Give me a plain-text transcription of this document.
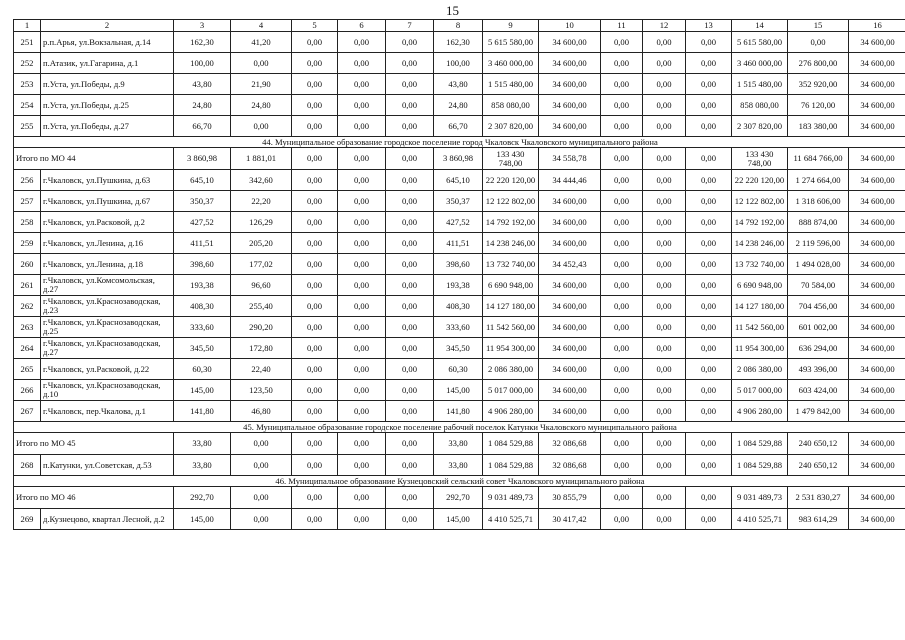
15
1	2	3	4	5	6	7	8	9	10	11	12	13	14	15	16
251	р.п.Арья, ул.Вокзальная, д.14	162,30	41,20	0,00	0,00	0,00	162,30	5 615 580,00	34 600,00	0,00	0,00	0,00	5 615 580,00	0,00	34 600,00
252	п.Атазик, ул.Гагарина, д.1	100,00	0,00	0,00	0,00	0,00	100,00	3 460 000,00	34 600,00	0,00	0,00	0,00	3 460 000,00	276 800,00	34 600,00
253	п.Уста, ул.Победы, д.9	43,80	21,90	0,00	0,00	0,00	43,80	1 515 480,00	34 600,00	0,00	0,00	0,00	1 515 480,00	352 920,00	34 600,00
254	п.Уста, ул.Победы, д.25	24,80	24,80	0,00	0,00	0,00	24,80	858 080,00	34 600,00	0,00	0,00	0,00	858 080,00	76 120,00	34 600,00
255	п.Уста, ул.Победы, д.27	66,70	0,00	0,00	0,00	0,00	66,70	2 307 820,00	34 600,00	0,00	0,00	0,00	2 307 820,00	183 380,00	34 600,00
44. Муниципальное образование городское поселение город Чкаловск Чкаловского муниципального района															
Итого по МО 44		3 860,98	1 881,01	0,00	0,00	0,00	3 860,98	133 430 748,00	34 558,78	0,00	0,00	0,00	133 430 748,00	11 684 766,00	34 600,00
256	г.Чкаловск, ул.Пушкина, д.63	645,10	342,60	0,00	0,00	0,00	645,10	22 220 120,00	34 444,46	0,00	0,00	0,00	22 220 120,00	1 274 664,00	34 600,00
257	г.Чкаловск, ул.Пушкина, д.67	350,37	22,20	0,00	0,00	0,00	350,37	12 122 802,00	34 600,00	0,00	0,00	0,00	12 122 802,00	1 318 606,00	34 600,00
258	г.Чкаловск, ул.Расковой, д.2	427,52	126,29	0,00	0,00	0,00	427,52	14 792 192,00	34 600,00	0,00	0,00	0,00	14 792 192,00	888 874,00	34 600,00
259	г.Чкаловск, ул.Ленина, д.16	411,51	205,20	0,00	0,00	0,00	411,51	14 238 246,00	34 600,00	0,00	0,00	0,00	14 238 246,00	2 119 596,00	34 600,00
260	г.Чкаловск, ул.Ленина, д.18	398,60	177,02	0,00	0,00	0,00	398,60	13 732 740,00	34 452,43	0,00	0,00	0,00	13 732 740,00	1 494 028,00	34 600,00
261	г.Чкаловск, ул.Комсомольская, д.27	193,38	96,60	0,00	0,00	0,00	193,38	6 690 948,00	34 600,00	0,00	0,00	0,00	6 690 948,00	70 584,00	34 600,00
262	г.Чкаловск, ул.Краснозаводская, д.23	408,30	255,40	0,00	0,00	0,00	408,30	14 127 180,00	34 600,00	0,00	0,00	0,00	14 127 180,00	704 456,00	34 600,00
263	г.Чкаловск, ул.Краснозаводская, д.25	333,60	290,20	0,00	0,00	0,00	333,60	11 542 560,00	34 600,00	0,00	0,00	0,00	11 542 560,00	601 002,00	34 600,00
264	г.Чкаловск, ул.Краснозаводская, д.27	345,50	172,80	0,00	0,00	0,00	345,50	11 954 300,00	34 600,00	0,00	0,00	0,00	11 954 300,00	636 294,00	34 600,00
265	г.Чкаловск, ул.Расковой, д.22	60,30	22,40	0,00	0,00	0,00	60,30	2 086 380,00	34 600,00	0,00	0,00	0,00	2 086 380,00	493 396,00	34 600,00
266	г.Чкаловск, ул.Краснозаводская, д.10	145,00	123,50	0,00	0,00	0,00	145,00	5 017 000,00	34 600,00	0,00	0,00	0,00	5 017 000,00	603 424,00	34 600,00
267	г.Чкаловск, пер.Чкалова, д.1	141,80	46,80	0,00	0,00	0,00	141,80	4 906 280,00	34 600,00	0,00	0,00	0,00	4 906 280,00	1 479 842,00	34 600,00
45. Муниципальное образование городское поселение рабочий поселок Катунки Чкаловского муниципального района															
Итого по МО 45		33,80	0,00	0,00	0,00	0,00	33,80	1 084 529,88	32 086,68	0,00	0,00	0,00	1 084 529,88	240 650,12	34 600,00
268	п.Катунки, ул.Советская, д.53	33,80	0,00	0,00	0,00	0,00	33,80	1 084 529,88	32 086,68	0,00	0,00	0,00	1 084 529,88	240 650,12	34 600,00
46. Муниципальное образование Кузнецовский сельский совет Чкаловского муниципального района															
Итого по МО 46		292,70	0,00	0,00	0,00	0,00	292,70	9 031 489,73	30 855,79	0,00	0,00	0,00	9 031 489,73	2 531 830,27	34 600,00
269	д.Кузнецово, квартал Лесной, д.2	145,00	0,00	0,00	0,00	0,00	145,00	4 410 525,71	30 417,42	0,00	0,00	0,00	4 410 525,71	983 614,29	34 600,00
